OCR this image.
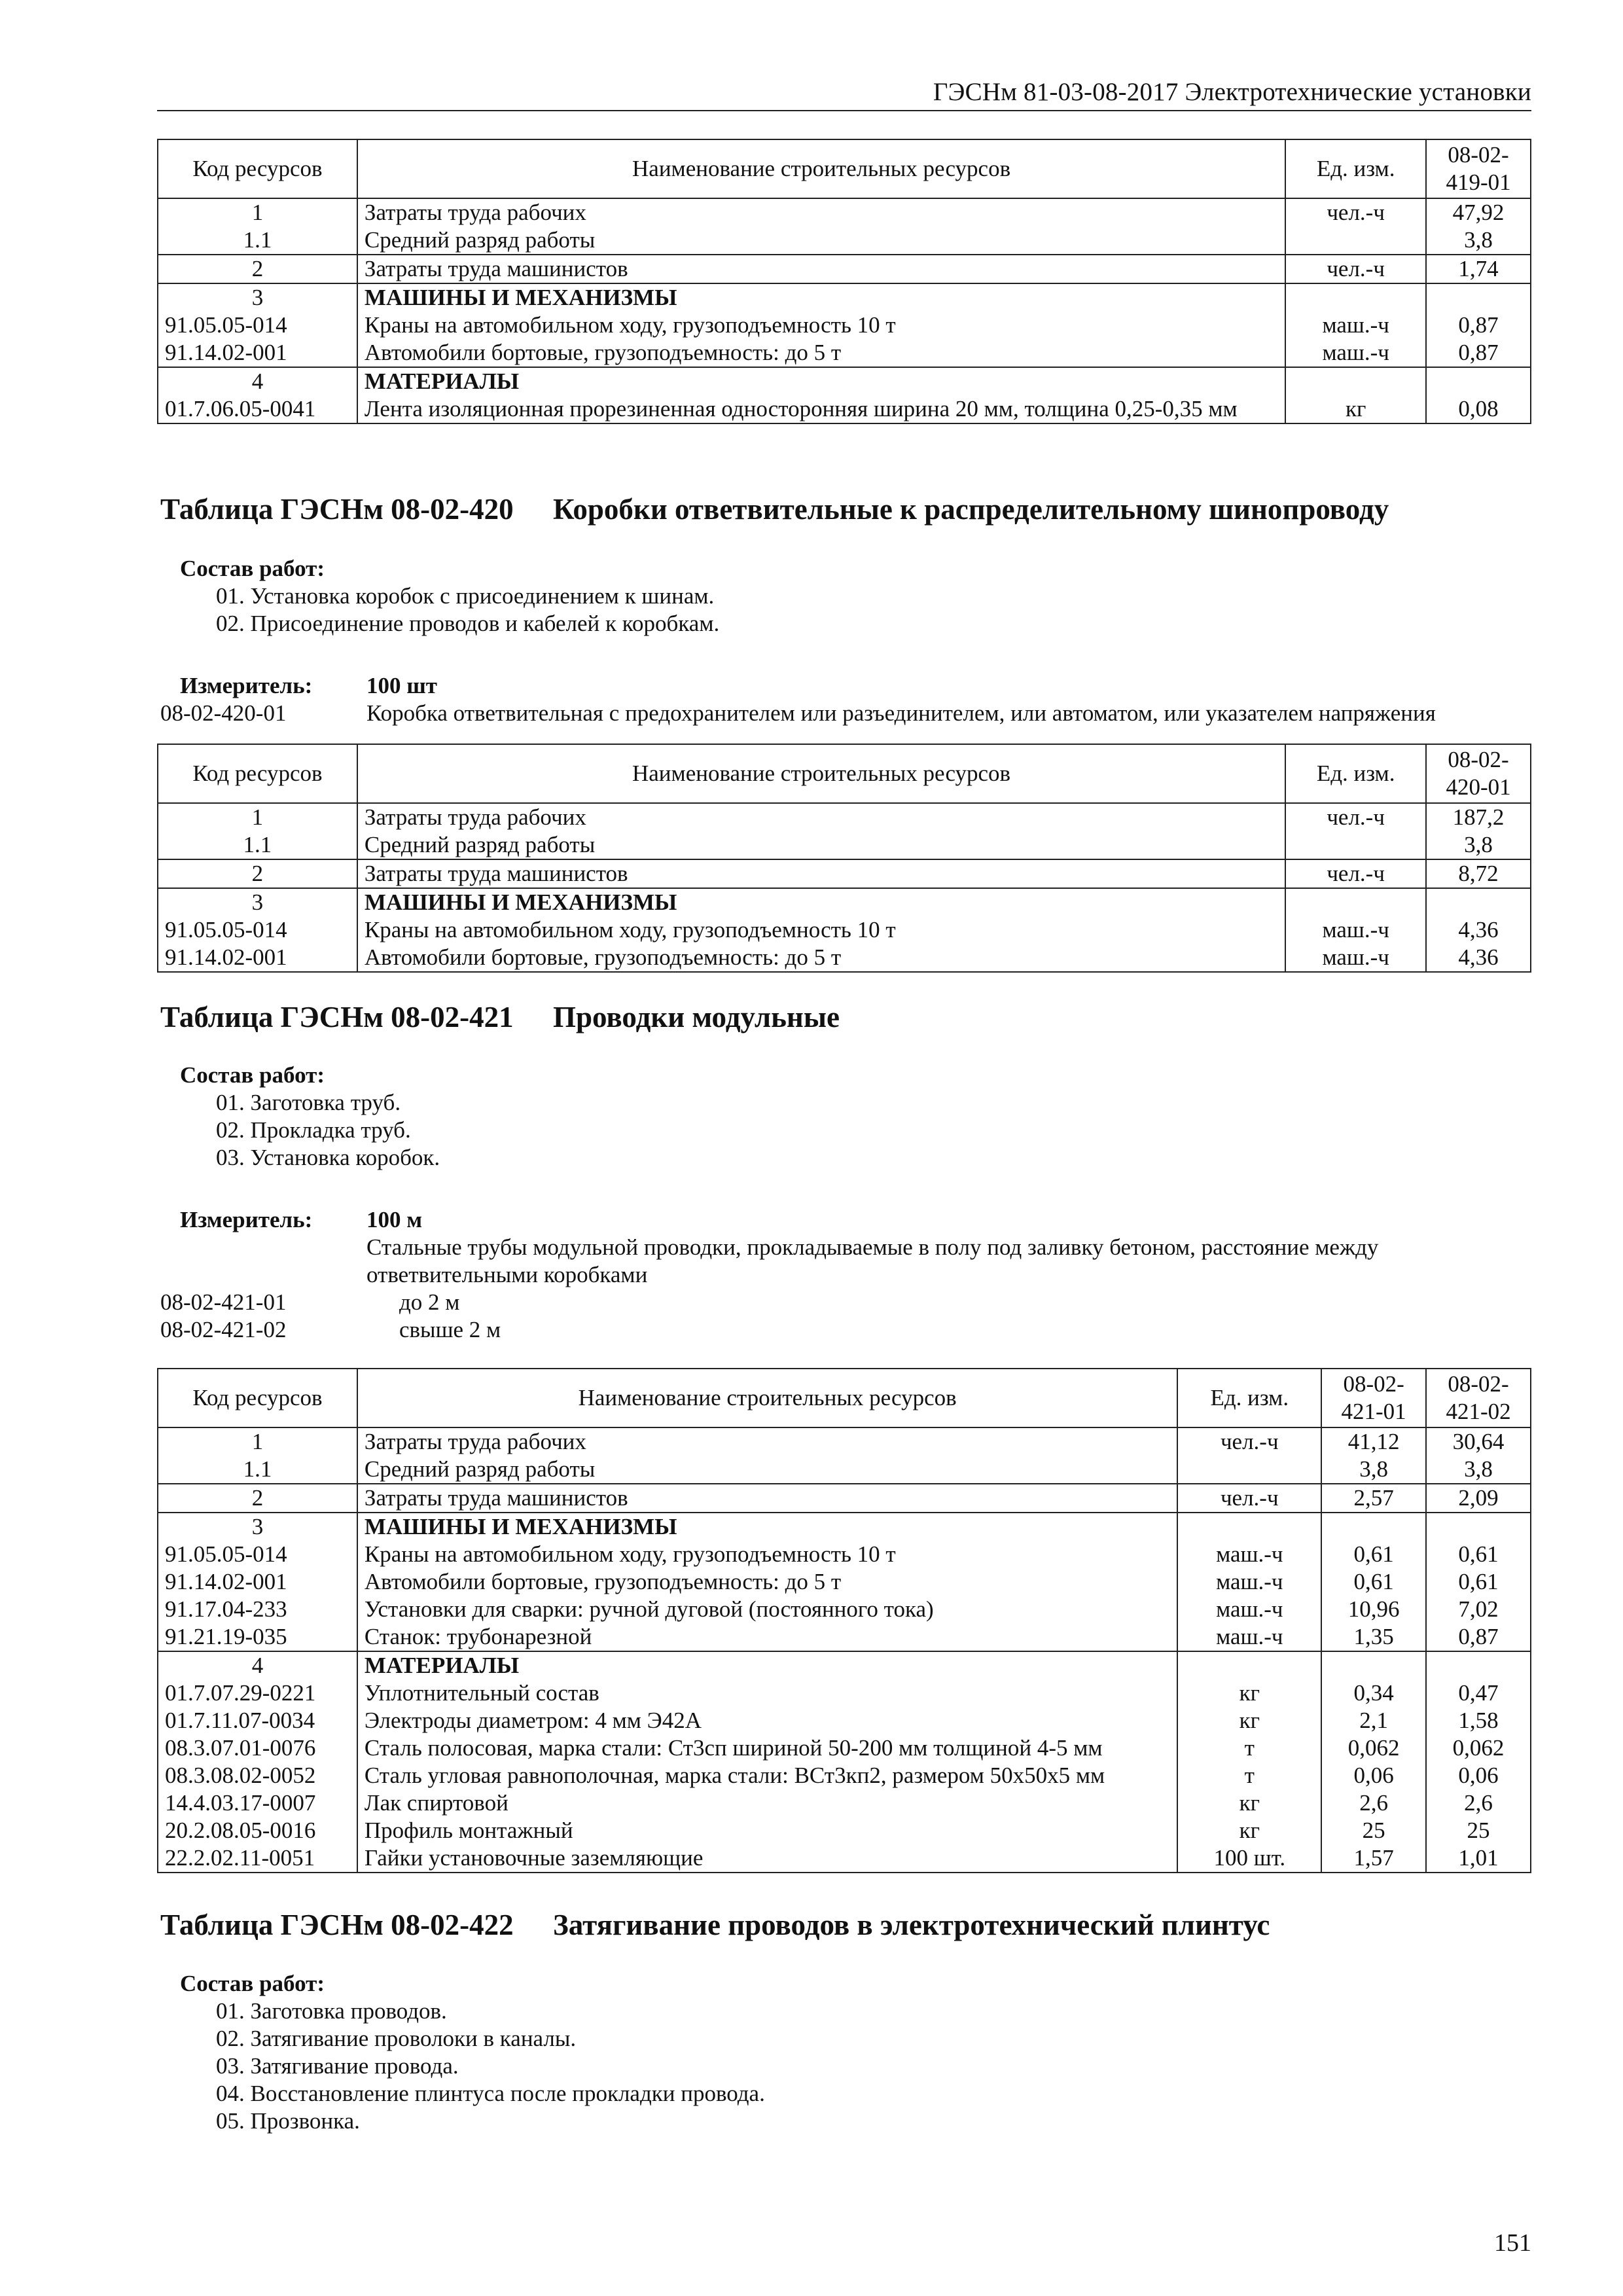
ГЭСНм 81-03-08-2017 Электротехнические установки
Код ресурсов	Наименование строительных ресурсов	Ед. изм.	08-02-
419-01
1	Затраты труда рабочих	чел.-ч	47,92
1.1	Средний разряд работы		3,8
2	Затраты труда машинистов	чел.-ч	1,74
3	МАШИНЫ И МЕХАНИЗМЫ		
91.05.05-014	Краны на автомобильном ходу, грузоподъемность 10 т	маш.-ч	0,87
91.14.02-001	Автомобили бортовые, грузоподъемность: до 5 т	маш.-ч	0,87
4	МАТЕРИАЛЫ		
01.7.06.05-0041	Лента изоляционная прорезиненная односторонняя ширина 20 мм, толщина 0,25-0,35 мм	кг	0,08
Таблица ГЭСНм 08-02-420 Коробки ответвительные к распределительному шинопроводу
Состав работ:
01. Установка коробок с присоединением к шинам.
02. Присоединение проводов и кабелей к коробкам.
Измеритель:	100 шт
08-02-420-01	Коробка ответвительная с предохранителем или разъединителем, или автоматом, или указателем напряжения
Код ресурсов	Наименование строительных ресурсов	Ед. изм.	08-02-
420-01
1	Затраты труда рабочих	чел.-ч	187,2
1.1	Средний разряд работы		3,8
2	Затраты труда машинистов	чел.-ч	8,72
3	МАШИНЫ И МЕХАНИЗМЫ		
91.05.05-014	Краны на автомобильном ходу, грузоподъемность 10 т	маш.-ч	4,36
91.14.02-001	Автомобили бортовые, грузоподъемность: до 5 т	маш.-ч	4,36
Таблица ГЭСНм 08-02-421 Проводки модульные
Состав работ:
01. Заготовка труб.
02. Прокладка труб.
03. Установка коробок.
Измеритель:	100 м
Стальные трубы модульной проводки, прокладываемые в полу под заливку бетоном, расстояние между ответвительными коробками
08-02-421-01	до 2 м
08-02-421-02	свыше 2 м
Код ресурсов	Наименование строительных ресурсов	Ед. изм.	08-02-
421-01	08-02-
421-02
1	Затраты труда рабочих	чел.-ч	41,12	30,64
1.1	Средний разряд работы		3,8	3,8
2	Затраты труда машинистов	чел.-ч	2,57	2,09
3	МАШИНЫ И МЕХАНИЗМЫ			
91.05.05-014	Краны на автомобильном ходу, грузоподъемность 10 т	маш.-ч	0,61	0,61
91.14.02-001	Автомобили бортовые, грузоподъемность: до 5 т	маш.-ч	0,61	0,61
91.17.04-233	Установки для сварки: ручной дуговой (постоянного тока)	маш.-ч	10,96	7,02
91.21.19-035	Станок: трубонарезной	маш.-ч	1,35	0,87
4	МАТЕРИАЛЫ			
01.7.07.29-0221	Уплотнительный состав	кг	0,34	0,47
01.7.11.07-0034	Электроды диаметром: 4 мм Э42А	кг	2,1	1,58
08.3.07.01-0076	Сталь полосовая, марка стали: Ст3сп шириной 50-200 мм толщиной 4-5 мм	т	0,062	0,062
08.3.08.02-0052	Сталь угловая равнополочная, марка стали: ВСт3кп2, размером 50х50х5 мм	т	0,06	0,06
14.4.03.17-0007	Лак спиртовой	кг	2,6	2,6
20.2.08.05-0016	Профиль монтажный	кг	25	25
22.2.02.11-0051	Гайки установочные заземляющие	100 шт.	1,57	1,01
Таблица ГЭСНм 08-02-422 Затягивание проводов в электротехнический плинтус
Состав работ:
01. Заготовка проводов.
02. Затягивание проволоки в каналы.
03. Затягивание провода.
04. Восстановление плинтуса после прокладки провода.
05. Прозвонка.
151
